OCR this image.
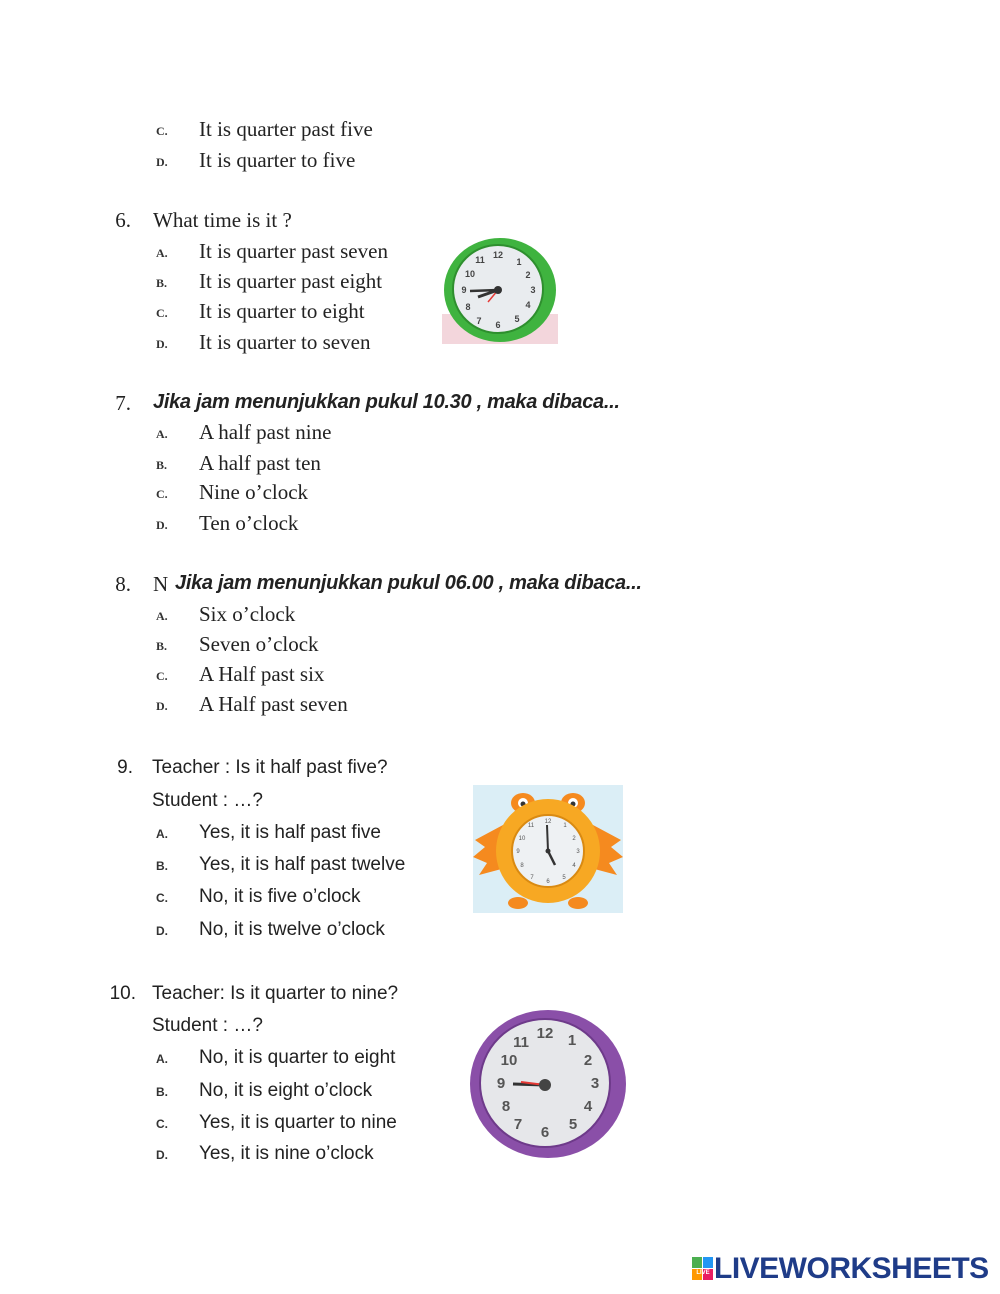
C.	It is quarter past five
D.	It is quarter to five
6. What time is it ?
A.	It is quarter past seven
B.	It is quarter past eight
C.	It is quarter to eight
D.	It is quarter to seven
12
1
2
3
4
5
6
7
8
9
10
11
7. Jika jam menunjukkan pukul 10.30 , maka dibaca...
A.	A half past nine
B.	A half past ten
C.	Nine o’clock
D.	Ten o’clock
8. N Jika jam menunjukkan pukul 06.00 , maka dibaca...
A.	Six o’clock
B.	Seven o’clock
C.	A Half past six
D.	A Half past seven
9. Teacher : Is it half past five?
Student : …?
A.	Yes, it is half past five
B.	Yes, it is half past twelve
C.	No, it is five o’clock
D.	No, it is twelve o’clock
12
1
2
3
4
5
6
7
8
9
10
11
10. Teacher: Is it quarter to nine?
Student : …?
A.	No, it is quarter to eight
B.	No, it is eight o’clock
C.	Yes, it is quarter to nine
D.	Yes, it is nine o’clock
12 1
2
3
4
5
6
7
8
9
10
11
LIVE LIVEWORKSHEETS
